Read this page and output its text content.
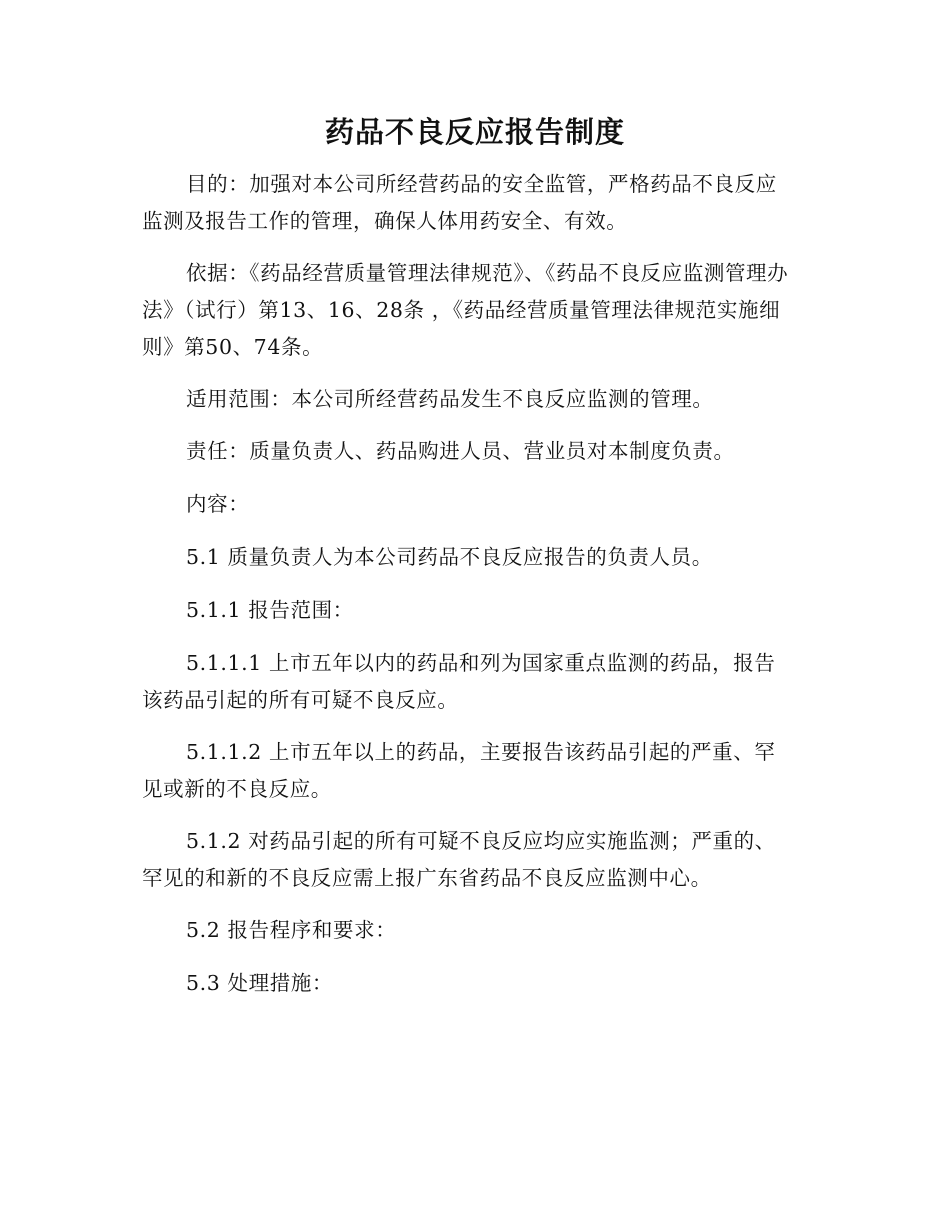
药品不良反应报告制度
目的：加强对本公司所经营药品的安全监管，严格药品不良反应监测及报告工作的管理，确保人体用药安全、有效。
依据：《药品经营质量管理法律规范》、《药品不良反应监测管理办法》（试行）第13、16、28条 ，《药品经营质量管理法律规范实施细则》第50、74条。
适用范围：本公司所经营药品发生不良反应监测的管理。
责任：质量负责人、药品购进人员、营业员对本制度负责。
内容：
5.1 质量负责人为本公司药品不良反应报告的负责人员。
5.1.1 报告范围：
5.1.1.1 上市五年以内的药品和列为国家重点监测的药品，报告该药品引起的所有可疑不良反应。
5.1.1.2 上市五年以上的药品，主要报告该药品引起的严重、罕见或新的不良反应。
5.1.2 对药品引起的所有可疑不良反应均应实施监测；严重的、罕见的和新的不良反应需上报广东省药品不良反应监测中心。
5.2 报告程序和要求：
5.3 处理措施：
